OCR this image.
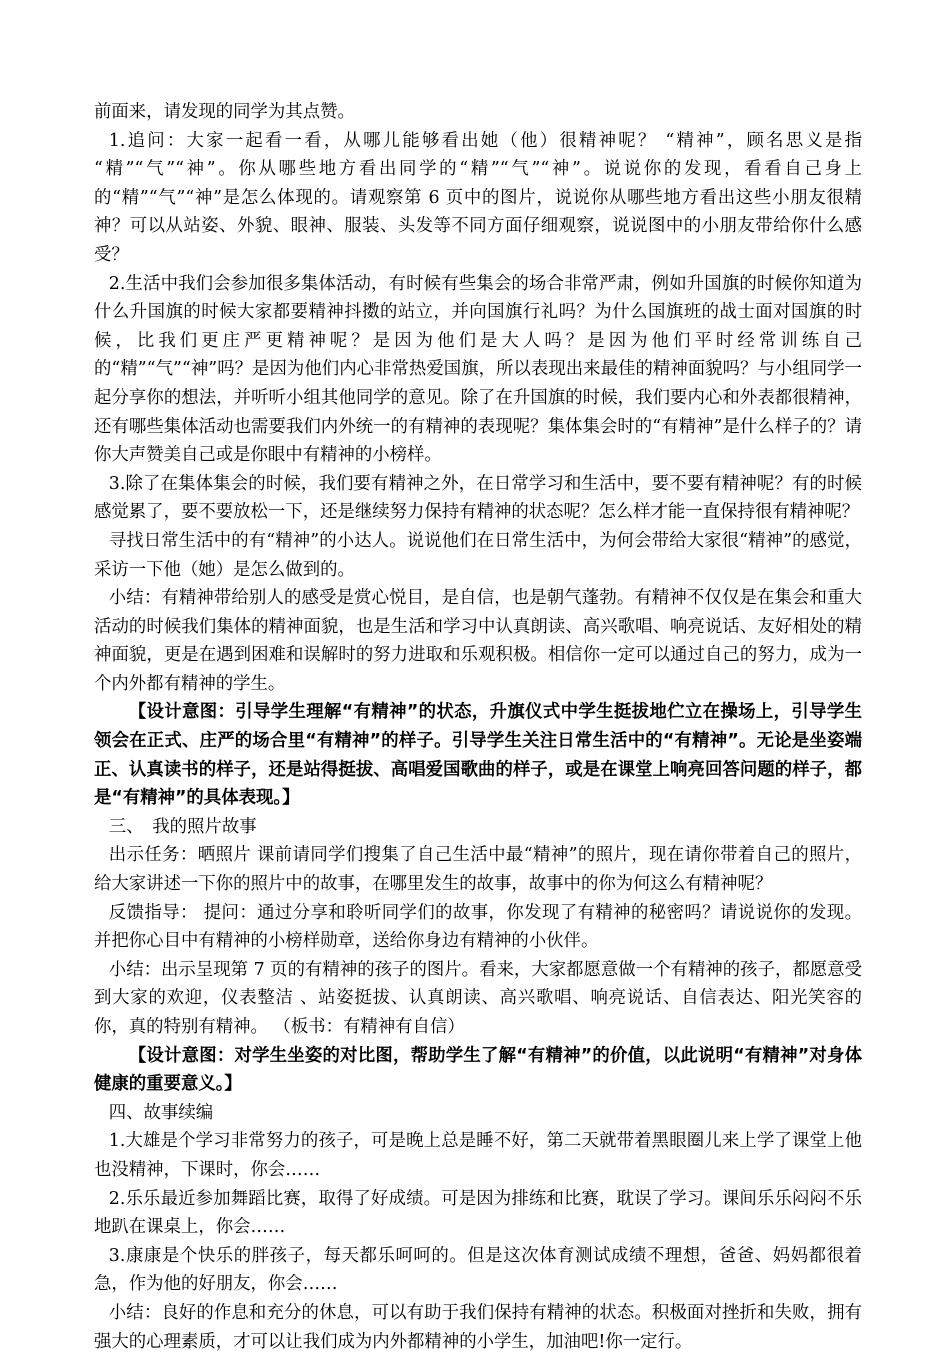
前面来，请发现的同学为其点赞。

1.追问：大家一起看一看，从哪儿能够看出她（他）很精神呢？ “精神”，顾名思义是指 “精”“气”“神”。你从哪些地方看出同学的“精”“气”“神”。说说你的发现，看看自己身上的“精”“气”“神”是怎么体现的。请观察第 6 页中的图片，说说你从哪些地方看出这些小朋友很精神？可以从站姿、外貌、眼神、服装、头发等不同方面仔细观察，说说图中的小朋友带给你什么感受？

2.生活中我们会参加很多集体活动，有时候有些集会的场合非常严肃，例如升国旗的时候你知道为什么升国旗的时候大家都要精神抖擞的站立，并向国旗行礼吗？为什么国旗班的战士面对国旗的时候，比我们更庄严更精神呢？是因为他们是大人吗？是因为他们平时经常训练自己的“精”“气”“神”吗？是因为他们内心非常热爱国旗，所以表现出来最佳的精神面貌吗？与小组同学一起分享你的想法，并听听小组其他同学的意见。除了在升国旗的时候，我们要内心和外表都很精神，还有哪些集体活动也需要我们内外统一的有精神的表现呢？集体集会时的“有精神”是什么样子的？请你大声赞美自己或是你眼中有精神的小榜样。

3.除了在集体集会的时候，我们要有精神之外，在日常学习和生活中，要不要有精神呢？有的时候感觉累了，要不要放松一下，还是继续努力保持有精神的状态呢？怎么样才能一直保持很有精神呢？

寻找日常生活中的有“精神”的小达人。说说他们在日常生活中，为何会带给大家很“精神”的感觉，采访一下他（她）是怎么做到的。

小结：有精神带给别人的感受是赏心悦目，是自信，也是朝气蓬勃。有精神不仅仅是在集会和重大活动的时候我们集体的精神面貌，也是生活和学习中认真朗读、高兴歌唱、响亮说话、友好相处的精神面貌，更是在遇到困难和误解时的努力进取和乐观积极。相信你一定可以通过自己的努力，成为一个内外都有精神的学生。

【设计意图：引导学生理解“有精神”的状态，升旗仪式中学生挺拔地伫立在操场上，引导学生领会在正式、庄严的场合里“有精神”的样子。引导学生关注日常生活中的“有精神”。无论是坐姿端正、认真读书的样子，还是站得挺拔、高唱爱国歌曲的样子，或是在课堂上响亮回答问题的样子，都是“有精神”的具体表现。】

三、　我的照片故事

出示任务：晒照片 课前请同学们搜集了自己生活中最“精神”的照片，现在请你带着自己的照片，给大家讲述一下你的照片中的故事，在哪里发生的故事，故事中的你为何这么有精神呢？

反馈指导： 提问：通过分享和聆听同学们的故事，你发现了有精神的秘密吗？请说说你的发现。并把你心目中有精神的小榜样勋章，送给你身边有精神的小伙伴。

小结：出示呈现第 7 页的有精神的孩子的图片。看来，大家都愿意做一个有精神的孩子，都愿意受到大家的欢迎，仪表整洁 、站姿挺拔、认真朗读、高兴歌唱、响亮说话、自信表达、阳光笑容的你，真的特别有精神。 （板书：有精神有自信）

【设计意图：对学生坐姿的对比图，帮助学生了解“有精神”的价值，以此说明“有精神”对身体健康的重要意义。】

四、故事续编

1.大雄是个学习非常努力的孩子，可是晚上总是睡不好，第二天就带着黑眼圈儿来上学了课堂上他也没精神，下课时，你会……

2.乐乐最近参加舞蹈比赛，取得了好成绩。可是因为排练和比赛，耽误了学习。课间乐乐闷闷不乐地趴在课桌上，你会……

3.康康是个快乐的胖孩子，每天都乐呵呵的。但是这次体育测试成绩不理想，爸爸、妈妈都很着急，作为他的好朋友，你会……

小结：良好的作息和充分的休息，可以有助于我们保持有精神的状态。积极面对挫折和失败，拥有强大的心理素质，才可以让我们成为内外都精神的小学生，加油吧!你一定行。
